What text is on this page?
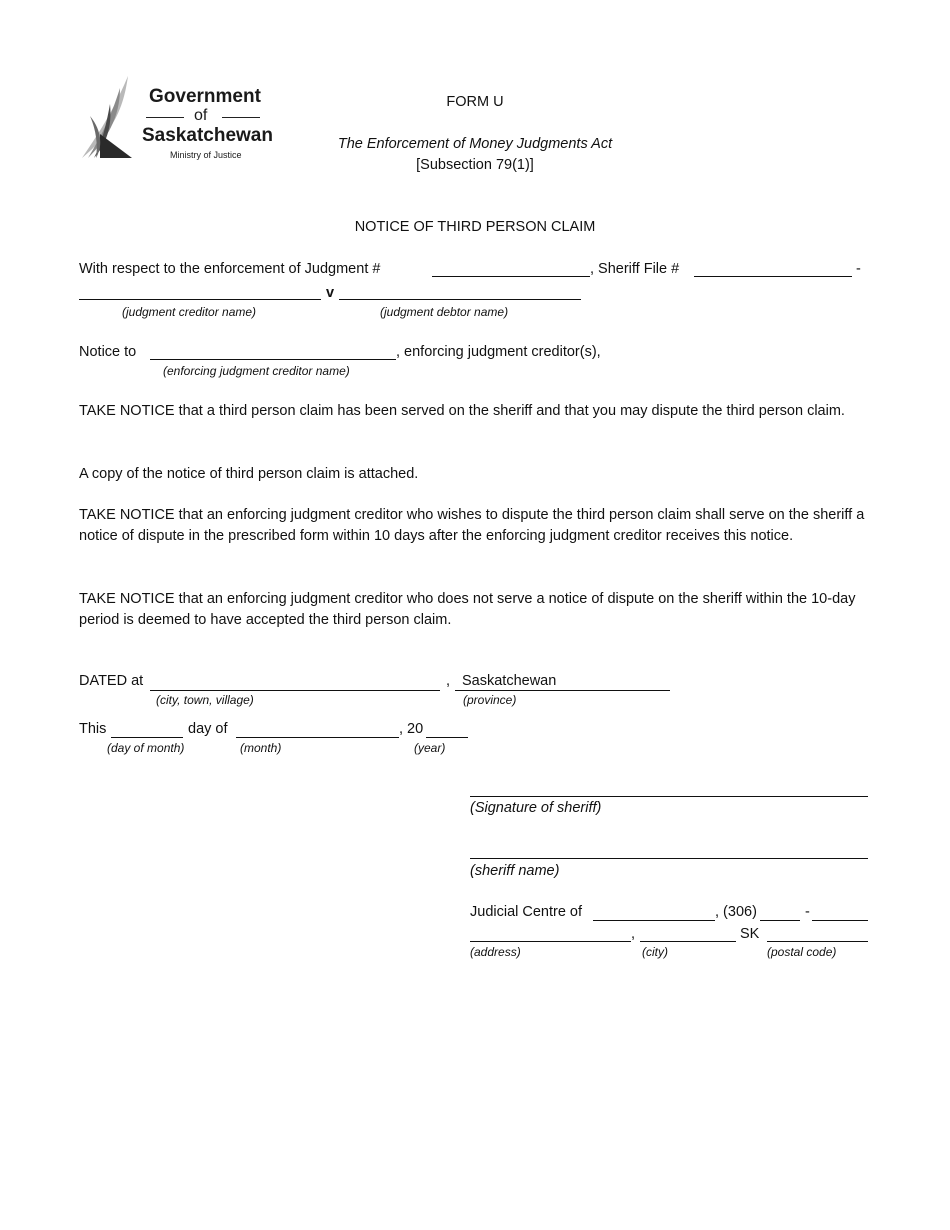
Government
of
Saskatchewan
Ministry of Justice
FORM U
The Enforcement of Money Judgments Act
[Subsection 79(1)]
NOTICE OF THIRD PERSON CLAIM
With respect to the enforcement of Judgment #	, Sheriff File #	-
v
(judgment creditor name)	(judgment debtor name)
Notice to	, enforcing judgment creditor(s),
(enforcing judgment creditor name)
TAKE NOTICE that a third person claim has been served on the sheriff and that you may dispute the third person claim.
A copy of the notice of third person claim is attached.
TAKE NOTICE that an enforcing judgment creditor who wishes to dispute the third person claim shall serve on the sheriff a notice of dispute in the prescribed form within 10 days after the enforcing judgment creditor receives this notice.
TAKE NOTICE that an enforcing judgment creditor who does not serve a notice of dispute on the sheriff within the 10-day period is deemed to have accepted the third person claim.
DATED at	, Saskatchewan
(city, town, village)	(province)
This	day of	, 20
(day of month)	(month)	(year)
(Signature of sheriff)
(sheriff name)
Judicial Centre of	, (306)	-
,	SK
(address)	(city)	(postal code)
